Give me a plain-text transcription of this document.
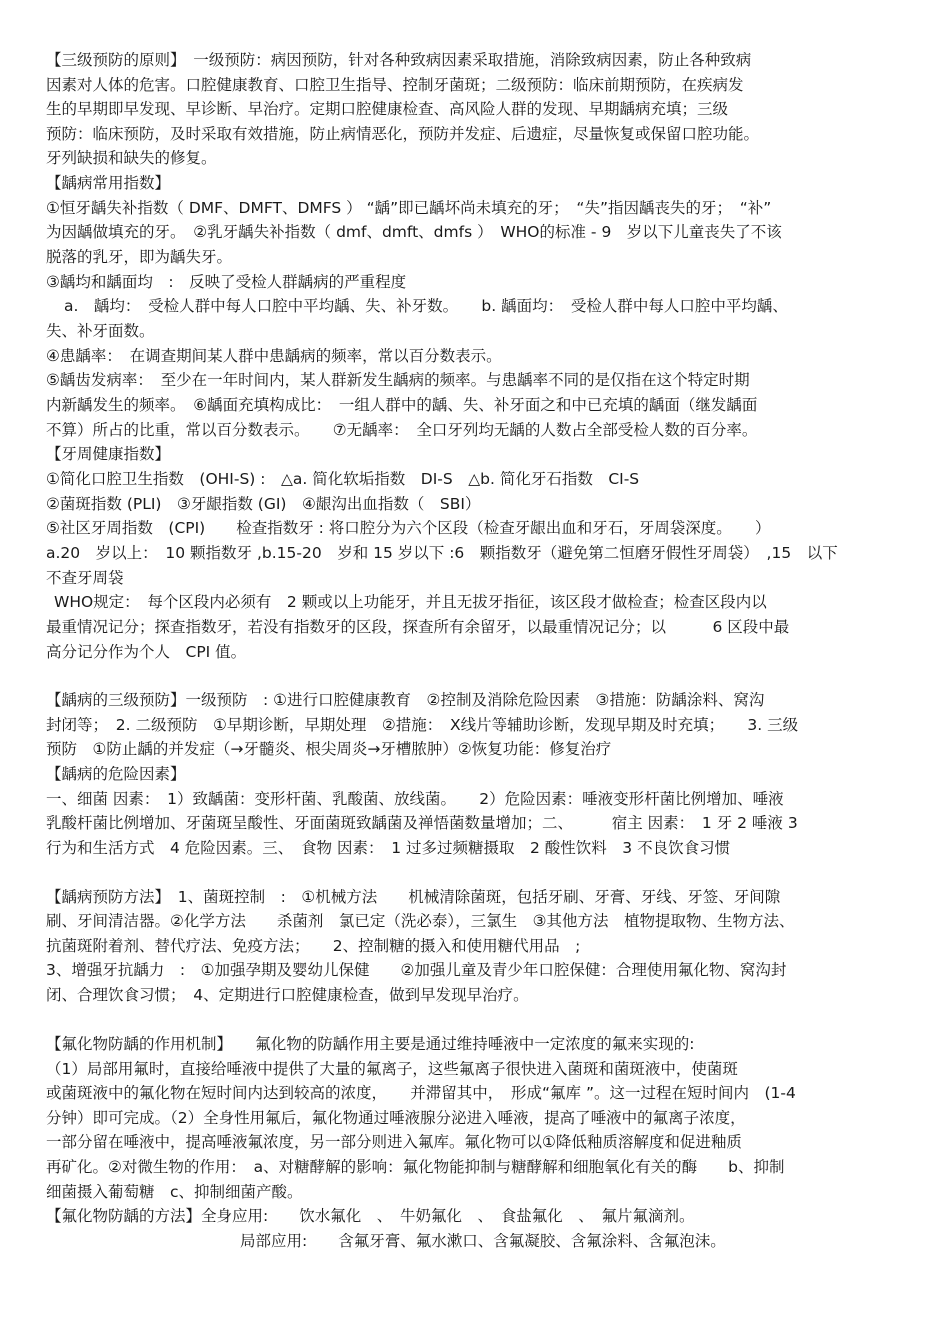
【三级预防的原则】　一级预防：病因预防，针对各种致病因素采取措施，消除致病因素，防止各种致病

因素对人体的危害。口腔健康教育、口腔卫生指导、控制牙菌斑；二级预防：临床前期预防，在疾病发

生的早期即早发现、早诊断、早治疗。定期口腔健康检查、高风险人群的发现、早期龋病充填；三级

预防：临床预防，及时采取有效措施，防止病情恶化，预防并发症、后遗症，尽量恢复或保留口腔功能。

牙列缺损和缺失的修复。

【龋病常用指数】

①恒牙龋失补指数（ DMF、DMFT、DMFS ） “龋”即已龋坏尚未填充的牙；　“失”指因龋丧失的牙；　“补”

为因龋做填充的牙。　②乳牙龋失补指数（ dmf、dmft、dmfs ）　WHO的标准 - 9　岁以下儿童丧失了不该

脱落的乳牙，即为龋失牙。

③龋均和龋面均　:　反映了受检人群龋病的严重程度

a.　龋均：　受检人群中每人口腔中平均龋、失、补牙数。　　b. 龋面均：　受检人群中每人口腔中平均龋、

失、补牙面数。

④患龋率：　在调查期间某人群中患龋病的频率，常以百分数表示。

⑤龋齿发病率：　至少在一年时间内，某人群新发生龋病的频率。与患龋率不同的是仅指在这个特定时期

内新龋发生的频率。　⑥龋面充填构成比：　一组人群中的龋、失、补牙面之和中已充填的龋面（继发龋面

不算）所占的比重，常以百分数表示。　　⑦无龋率：　全口牙列均无龋的人数占全部受检人数的百分率。

【牙周健康指数】

①简化口腔卫生指数　(OHI-S) :　△a. 简化软垢指数　DI-S　△b. 简化牙石指数　CI-S

②菌斑指数 (PLI)　③牙龈指数 (GI)　④龈沟出血指数（　SBI）

⑤社区牙周指数　(CPI)　　检查指数牙 : 将口腔分为六个区段（检查牙龈出血和牙石，牙周袋深度。　　）

a.20　岁以上：　10 颗指数牙 ,b.15-20　岁和 15 岁以下 :6　颗指数牙（避免第二恒磨牙假性牙周袋）　,15　以下

不查牙周袋

WHO规定：　每个区段内必须有　2 颗或以上功能牙，并且无拔牙指征，该区段才做检查；检查区段内以

最重情况记分；探查指数牙，若没有指数牙的区段，探查所有余留牙，以最重情况记分；以　　　6 区段中最

高分记分作为个人　CPI 值。

【龋病的三级预防】一级预防　: ①进行口腔健康教育　②控制及消除危险因素　③措施：防龋涂料、窝沟

封闭等；　2. 二级预防　①早期诊断，早期处理　②措施：　X线片等辅助诊断，发现早期及时充填；　　3. 三级

预防　①防止龋的并发症（→牙髓炎、根尖周炎→牙槽脓肿）②恢复功能：修复治疗

【龋病的危险因素】

一、细菌 因素：　1）致龋菌：变形杆菌、乳酸菌、放线菌。　　2）危险因素：唾液变形杆菌比例增加、唾液

乳酸杆菌比例增加、牙菌斑呈酸性、牙面菌斑致龋菌及禅悟菌数量增加；二、　　　宿主 因素：　1 牙 2 唾液 3

行为和生活方式　4 危险因素。三、　食物 因素：　1 过多过频糖摄取　2 酸性饮料　3 不良饮食习惯

【龋病预防方法】　1、菌斑控制　:　①机械方法　　机械清除菌斑，包括牙刷、牙膏、牙线、牙签、牙间隙

刷、牙间清洁器。②化学方法　　杀菌剂　氯已定（洗必泰），三氯生　③其他方法　植物提取物、生物方法、

抗菌斑附着剂、替代疗法、免疫方法；　　2、控制糖的摄入和使用糖代用品　;

3、增强牙抗龋力　:　①加强孕期及婴幼儿保健　　②加强儿童及青少年口腔保健：合理使用氟化物、窝沟封

闭、合理饮食习惯；　4、定期进行口腔健康检查，做到早发现早治疗。

【氟化物防龋的作用机制】　　氟化物的防龋作用主要是通过维持唾液中一定浓度的氟来实现的:

（1）局部用氟时，直接给唾液中提供了大量的氟离子，这些氟离子很快进入菌斑和菌斑液中，使菌斑

或菌斑液中的氟化物在短时间内达到较高的浓度，　　并滞留其中，　形成“氟库 ”。这一过程在短时间内　(1-4

分钟）即可完成。（2）全身性用氟后，氟化物通过唾液腺分泌进入唾液，提高了唾液中的氟离子浓度，

一部分留在唾液中，提高唾液氟浓度，另一部分则进入氟库。氟化物可以①降低釉质溶解度和促进釉质

再矿化。②对微生物的作用：　a、对糖酵解的影响：氟化物能抑制与糖酵解和细胞氧化有关的酶　　b、抑制

细菌摄入葡萄糖　c、抑制细菌产酸。

【氟化物防龋的方法】全身应用:　　饮水氟化　、　牛奶氟化　、　食盐氟化　、　氟片氟滴剂。

局部应用:　　含氟牙膏、氟水漱口、含氟凝胶、含氟涂料、含氟泡沫。
